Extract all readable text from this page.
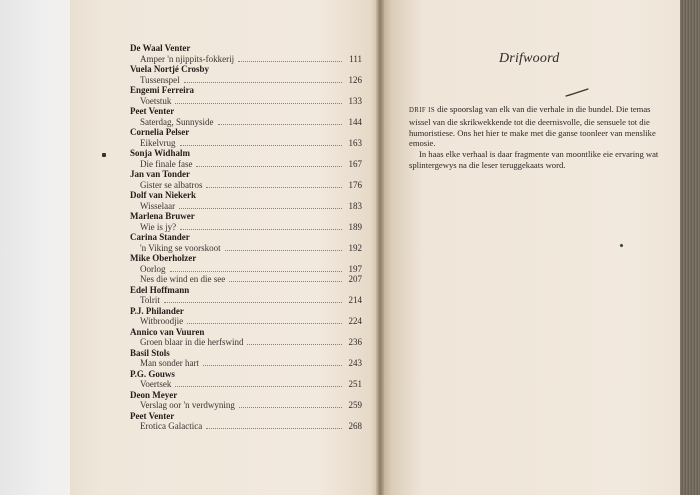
De Waal Venter
Amper 'n njippits-fokkerij	111
Vuela Nortjé Crosby
Tussenspel	126
Engemi Ferreira
Voetstuk	133
Peet Venter
Saterdag, Sunnyside	144
Cornelia Pelser
Eikelvrug	163
Sonja Widhalm
Die finale fase	167
Jan van Tonder
Gister se albatros	176
Dolf van Niekerk
Wisselaar	183
Marlena Bruwer
Wie is jy?	189
Carina Stander
'n Viking se voorskoot	192
Mike Oberholzer
Oorlog	197
Nes die wind en die see	207
Edel Hoffmann
Tolrit	214
P.J. Philander
Witbroodjie	224
Annico van Vuuren
Groen blaar in die herfswind	236
Basil Stols
Man sonder hart	243
P.G. Gouws
Voertsek	251
Deon Meyer
Verslag oor 'n verdwyning	259
Peet Venter
Erotica Galactica	268
Drifwoord

DRIF IS die spoorslag van elk van die verhale in die bundel. Die temas wissel van die skrikwekkende tot die deernisvolle, die sensuele tot die humoristiese. Ons het hier te make met die ganse toonleer van menslike emosie.

In haas elke verhaal is daar fragmente van moontlike eie ervaring wat splintergewys na die leser teruggekaats word.
